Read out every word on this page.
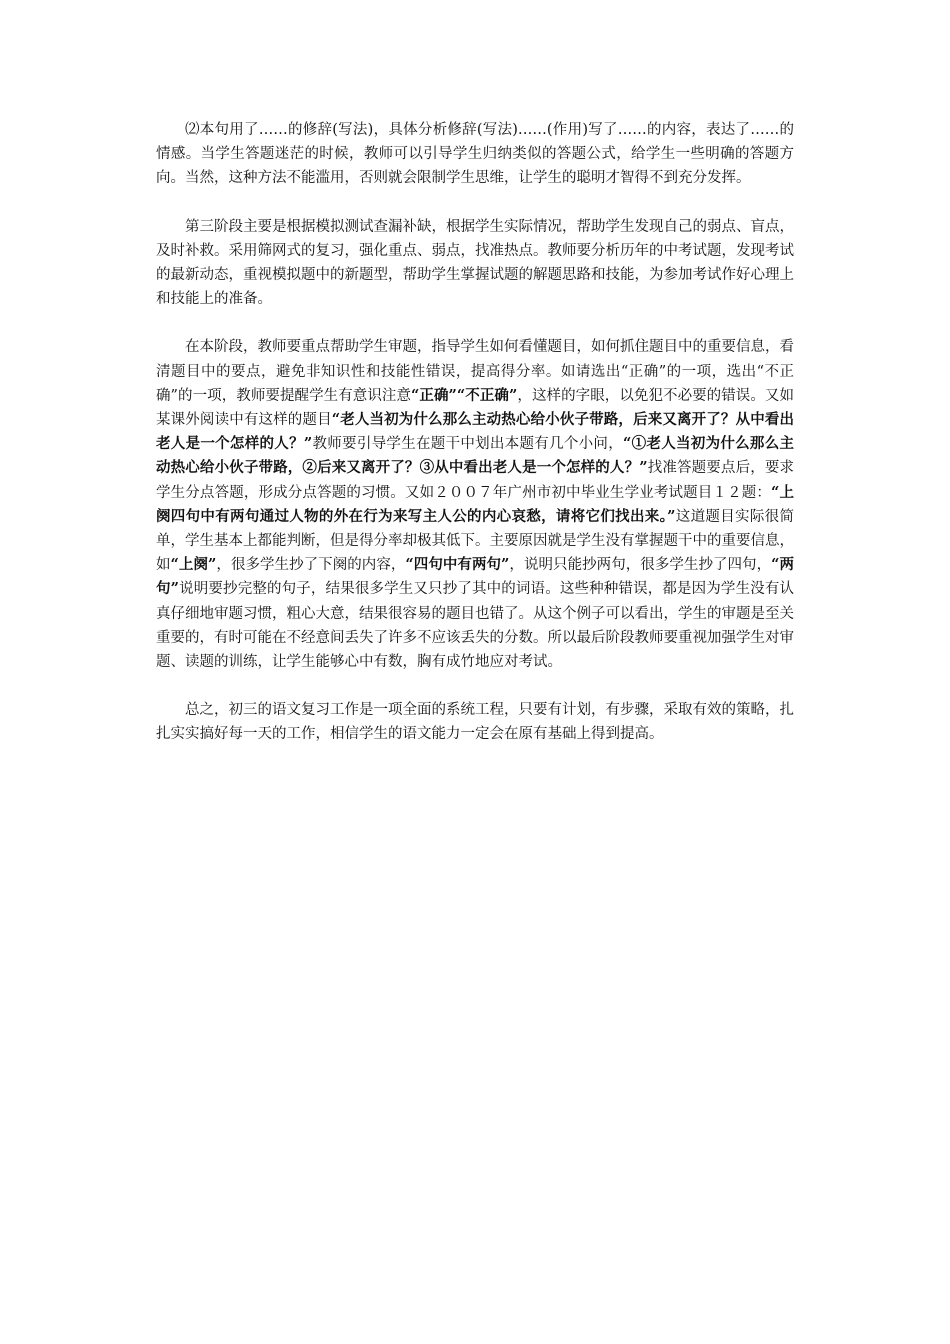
⑵本句用了……的修辞(写法)，具体分析修辞(写法)……(作用)写了……的内容，表达了……的情感。当学生答题迷茫的时候，教师可以引导学生归纳类似的答题公式，给学生一些明确的答题方向。当然，这种方法不能滥用，否则就会限制学生思维，让学生的聪明才智得不到充分发挥。

第三阶段主要是根据模拟测试查漏补缺，根据学生实际情况，帮助学生发现自己的弱点、盲点，及时补救。采用筛网式的复习，强化重点、弱点，找准热点。教师要分析历年的中考试题，发现考试的最新动态，重视模拟题中的新题型，帮助学生掌握试题的解题思路和技能，为参加考试作好心理上和技能上的准备。

在本阶段，教师要重点帮助学生审题，指导学生如何看懂题目，如何抓住题目中的重要信息，看清题目中的要点，避免非知识性和技能性错误，提高得分率。如请选出“正确”的一项，选出“不正确”的一项，教师要提醒学生有意识注意“正确”“不正确”，这样的字眼，以免犯不必要的错误。又如某课外阅读中有这样的题目“老人当初为什么那么主动热心给小伙子带路，后来又离开了？从中看出老人是一个怎样的人？”教师要引导学生在题干中划出本题有几个小问，“①老人当初为什么那么主动热心给小伙子带路，②后来又离开了？③从中看出老人是一个怎样的人？”找准答题要点后，要求学生分点答题，形成分点答题的习惯。又如２００７年广州市初中毕业生学业考试题目１２题：“上阕四句中有两句通过人物的外在行为来写主人公的内心哀愁，请将它们找出来。”这道题目实际很简单，学生基本上都能判断，但是得分率却极其低下。主要原因就是学生没有掌握题干中的重要信息，如“上阕”，很多学生抄了下阕的内容，“四句中有两句”，说明只能抄两句，很多学生抄了四句，“两句”说明要抄完整的句子，结果很多学生又只抄了其中的词语。这些种种错误，都是因为学生没有认真仔细地审题习惯，粗心大意，结果很容易的题目也错了。从这个例子可以看出，学生的审题是至关重要的，有时可能在不经意间丢失了许多不应该丢失的分数。所以最后阶段教师要重视加强学生对审题、读题的训练，让学生能够心中有数，胸有成竹地应对考试。

总之，初三的语文复习工作是一项全面的系统工程，只要有计划，有步骤，采取有效的策略，扎扎实实搞好每一天的工作，相信学生的语文能力一定会在原有基础上得到提高。
